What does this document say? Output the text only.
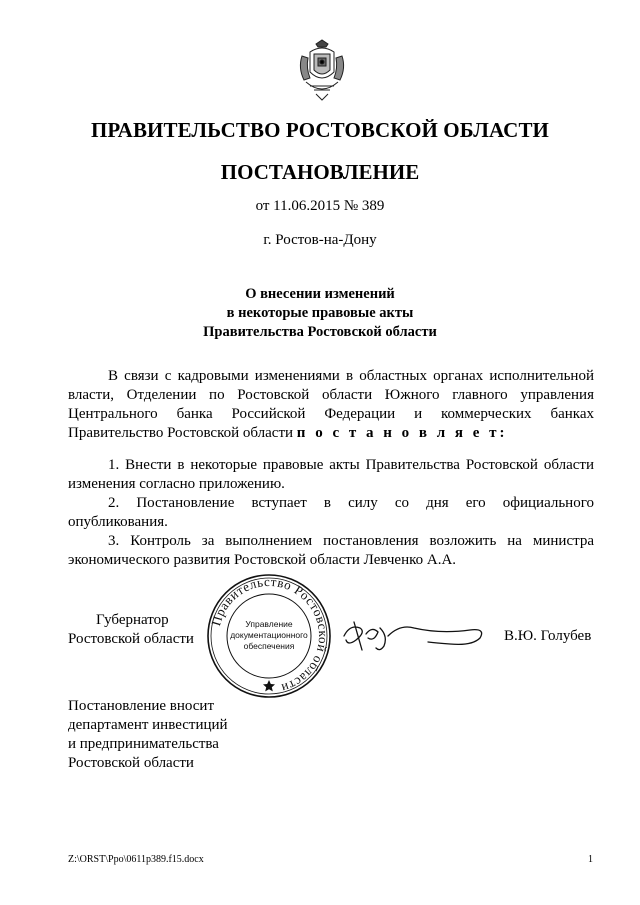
ПРАВИТЕЛЬСТВО РОСТОВСКОЙ ОБЛАСТИ
ПОСТАНОВЛЕНИЕ
от 11.06.2015 № 389
г. Ростов-на-Дону
О внесении изменений
в некоторые правовые акты
Правительства Ростовской области
В связи с кадровыми изменениями в областных органах исполнительной
власти, Отделении по Ростовской области Южного главного управления
Центрального банка Российской Федерации и коммерческих банках
Правительство Ростовской области п о с т а н о в л я е т:
1. Внести в некоторые правовые акты Правительства Ростовской области
изменения согласно приложению.
2. Постановление вступает в силу со дня его официального
опубликования.
3. Контроль за выполнением постановления возложить на министра
экономического развития Ростовской области Левченко А.А.
Губернатор
Ростовской области
Правительство Ростовской области
Управление
документационного
обеспечения
В.Ю. Голубев
Постановление вносит
департамент инвестиций
и предпринимательства
Ростовской области
Z:\ORST\Ppo\0611p389.f15.docx	1
